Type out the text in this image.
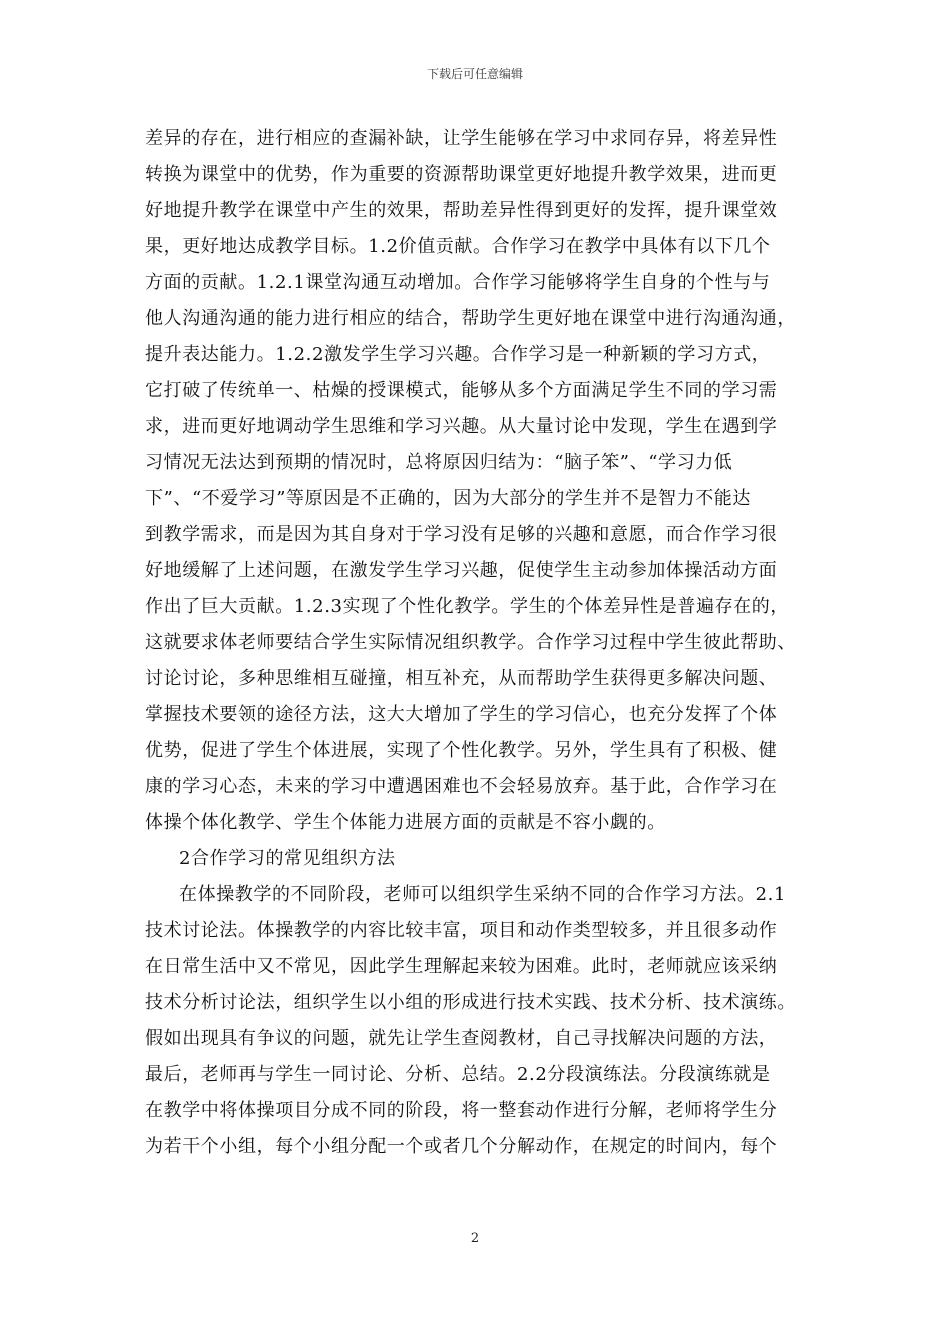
下载后可任意编辑
差异的存在，进行相应的查漏补缺，让学生能够在学习中求同存异，将差异性
转换为课堂中的优势，作为重要的资源帮助课堂更好地提升教学效果，进而更
好地提升教学在课堂中产生的效果，帮助差异性得到更好的发挥，提升课堂效
果，更好地达成教学目标。1.2价值贡献。合作学习在教学中具体有以下几个
方面的贡献。1.2.1课堂沟通互动增加。合作学习能够将学生自身的个性与与
他人沟通沟通的能力进行相应的结合，帮助学生更好地在课堂中进行沟通沟通，
提升表达能力。1.2.2激发学生学习兴趣。合作学习是一种新颖的学习方式，
它打破了传统单一、枯燥的授课模式，能够从多个方面满足学生不同的学习需
求，进而更好地调动学生思维和学习兴趣。从大量讨论中发现，学生在遇到学
习情况无法达到预期的情况时，总将原因归结为：“脑子笨”、“学习力低
下”、“不爱学习”等原因是不正确的，因为大部分的学生并不是智力不能达
到教学需求，而是因为其自身对于学习没有足够的兴趣和意愿，而合作学习很
好地缓解了上述问题，在激发学生学习兴趣，促使学生主动参加体操活动方面
作出了巨大贡献。1.2.3实现了个性化教学。学生的个体差异性是普遍存在的，
这就要求体老师要结合学生实际情况组织教学。合作学习过程中学生彼此帮助、
讨论讨论，多种思维相互碰撞，相互补充，从而帮助学生获得更多解决问题、
掌握技术要领的途径方法，这大大增加了学生的学习信心，也充分发挥了个体
优势，促进了学生个体进展，实现了个性化教学。另外，学生具有了积极、健
康的学习心态，未来的学习中遭遇困难也不会轻易放弃。基于此，合作学习在
体操个体化教学、学生个体能力进展方面的贡献是不容小觑的。
2合作学习的常见组织方法
在体操教学的不同阶段，老师可以组织学生采纳不同的合作学习方法。2.1
技术讨论法。体操教学的内容比较丰富，项目和动作类型较多，并且很多动作
在日常生活中又不常见，因此学生理解起来较为困难。此时，老师就应该采纳
技术分析讨论法，组织学生以小组的形成进行技术实践、技术分析、技术演练。
假如出现具有争议的问题，就先让学生查阅教材，自己寻找解决问题的方法，
最后，老师再与学生一同讨论、分析、总结。2.2分段演练法。分段演练就是
在教学中将体操项目分成不同的阶段，将一整套动作进行分解，老师将学生分
为若干个小组，每个小组分配一个或者几个分解动作，在规定的时间内，每个
2
